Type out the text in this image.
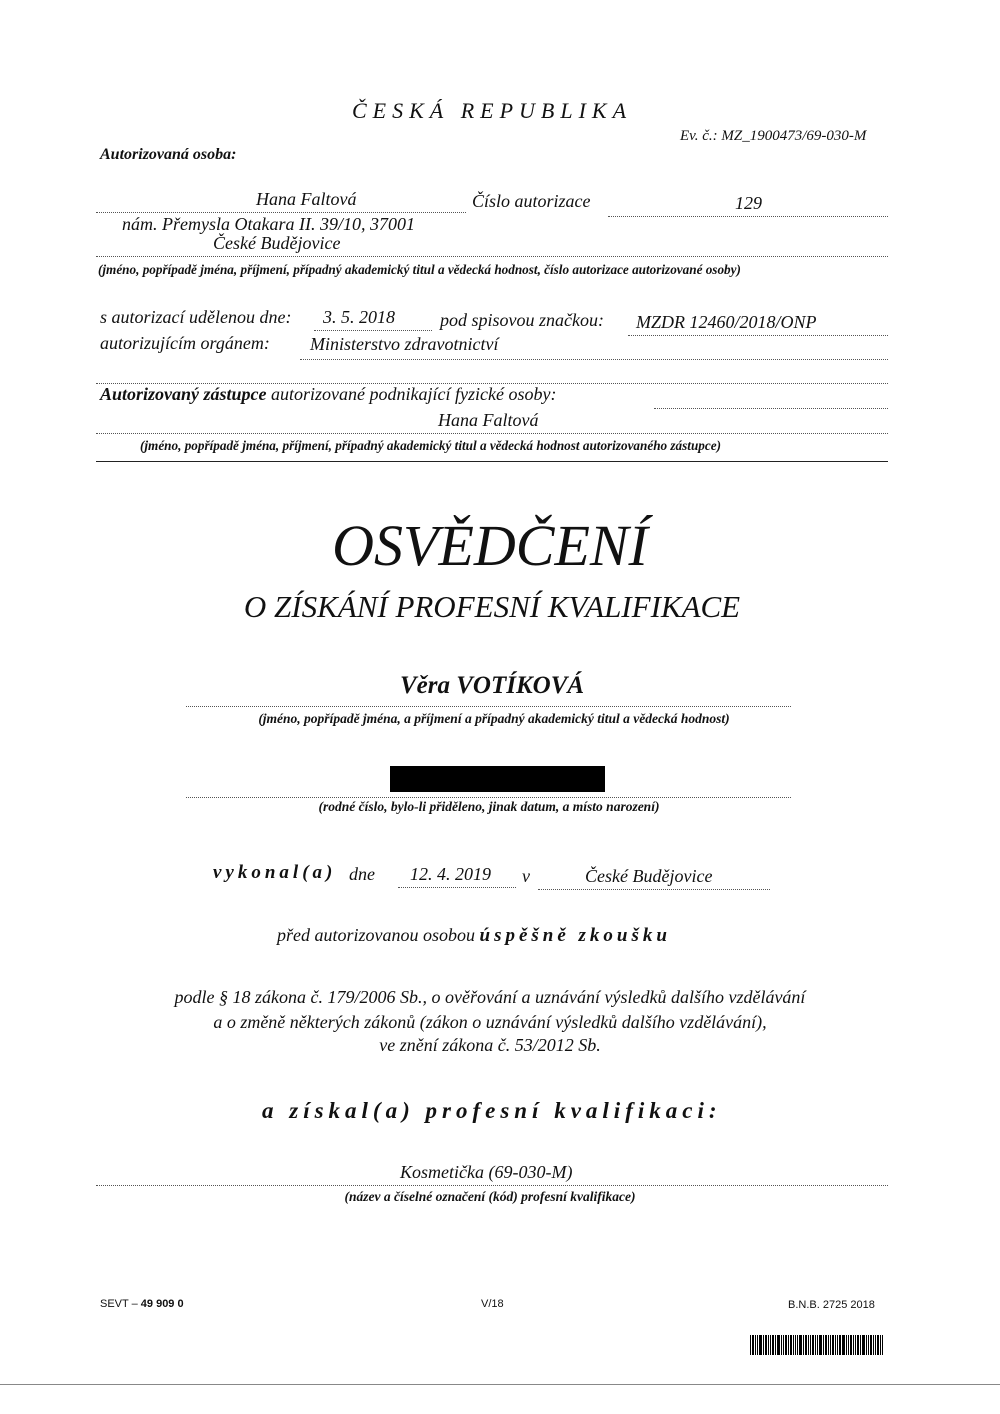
ČESKÁ REPUBLIKA
Ev. č.: MZ_1900473/69-030-M
Autorizovaná osoba:
Hana Faltová	Číslo autorizace	129
nám. Přemysla Otakara II. 39/10, 37001
České Budějovice
(jméno, popřípadě jména, příjmení, případný akademický titul a vědecká hodnost, číslo autorizace autorizované osoby)
s autorizací udělenou dne: 3. 5. 2018	pod spisovou značkou: MZDR 12460/2018/ONP
autorizujícím orgánem: Ministerstvo zdravotnictví
Autorizovaný zástupce autorizované podnikající fyzické osoby:
Hana Faltová
(jméno, popřípadě jména, příjmení, případný akademický titul a vědecká hodnost autorizovaného zástupce)
OSVĚDČENÍ
O ZÍSKÁNÍ PROFESNÍ KVALIFIKACE
Věra VOTÍKOVÁ
(jméno, popřípadě jména, a příjmení a případný akademický titul a vědecká hodnost)
(rodné číslo, bylo-li přiděleno, jinak datum, a místo narození)
vykonal(a) dne 12. 4. 2019 v	České Budějovice
před autorizovanou osobou úspěšně zkoušku
podle § 18 zákona č. 179/2006 Sb., o ověřování a uznávání výsledků dalšího vzdělávání
a o změně některých zákonů (zákon o uznávání výsledků dalšího vzdělávání),
ve znění zákona č. 53/2012 Sb.
a získal(a) profesní kvalifikaci:
Kosmetička (69-030-M)
(název a číselné označení (kód) profesní kvalifikace)
SEVT – 49 909 0	V/18	B.N.B. 2725 2018
